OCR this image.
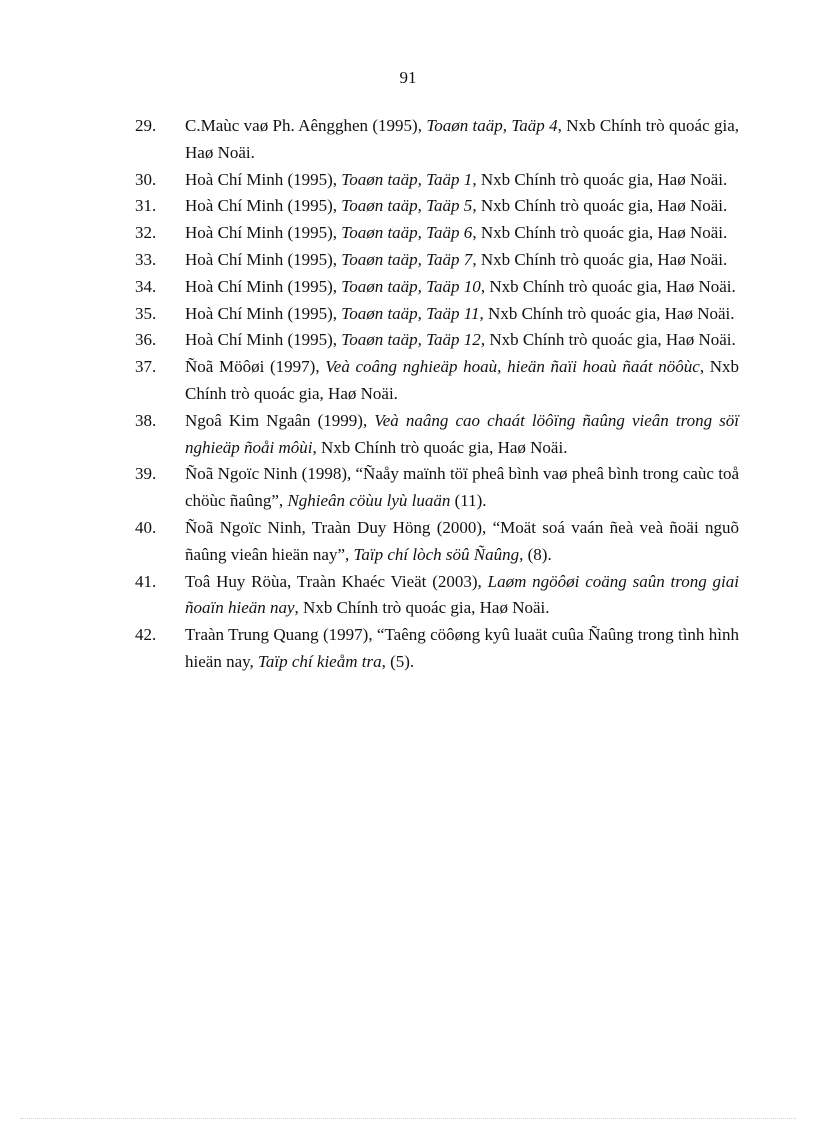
91
29. C.Maùc vaø Ph. Aêngghen (1995), Toaøn taäp, Taäp 4, Nxb Chính trò quoác gia, Haø Noäi.
30. Hoà Chí Minh (1995), Toaøn taäp, Taäp 1, Nxb Chính trò quoác gia, Haø Noäi.
31. Hoà Chí Minh (1995), Toaøn taäp, Taäp 5, Nxb Chính trò quoác gia, Haø Noäi.
32. Hoà Chí Minh (1995), Toaøn taäp, Taäp 6, Nxb Chính trò quoác gia, Haø Noäi.
33. Hoà Chí Minh (1995), Toaøn taäp, Taäp 7, Nxb Chính trò quoác gia, Haø Noäi.
34. Hoà Chí Minh (1995), Toaøn taäp, Taäp 10, Nxb Chính trò quoác gia, Haø Noäi.
35. Hoà Chí Minh (1995), Toaøn taäp, Taäp 11, Nxb Chính trò quoác gia, Haø Noäi.
36. Hoà Chí Minh (1995), Toaøn taäp, Taäp 12, Nxb Chính trò quoác gia, Haø Noäi.
37. Ñoã Möôøi (1997), Veà coâng nghieäp hoaù, hieän ñaïi hoaù ñaát nöôùc, Nxb Chính trò quoác gia, Haø Noäi.
38. Ngoâ Kim Ngaân (1999), Veà naâng cao chaát löôïng ñaûng vieân trong söï nghieäp ñoåi môùi, Nxb Chính trò quoác gia, Haø Noäi.
39. Ñoã Ngoïc Ninh (1998), “Ñaåy maïnh töï pheâ bình vaø pheâ bình trong caùc toå chöùc ñaûng”, Nghieân cöùu lyù luaän (11).
40. Ñoã Ngoïc Ninh, Traàn Duy Höng (2000), “Moät soá vaán ñeà veà ñoäi nguõ ñaûng vieân hieän nay”, Taïp chí lòch söû Ñaûng, (8).
41. Toâ Huy Röùa, Traàn Khaéc Vieät (2003), Laøm ngöôøi coäng saûn trong giai ñoaïn hieän nay, Nxb Chính trò quoác gia, Haø Noäi.
42. Traàn Trung Quang (1997), “Taêng cöôøng kyû luaät cuûa Ñaûng trong tình hình hieän nay, Taïp chí kieåm tra, (5).
